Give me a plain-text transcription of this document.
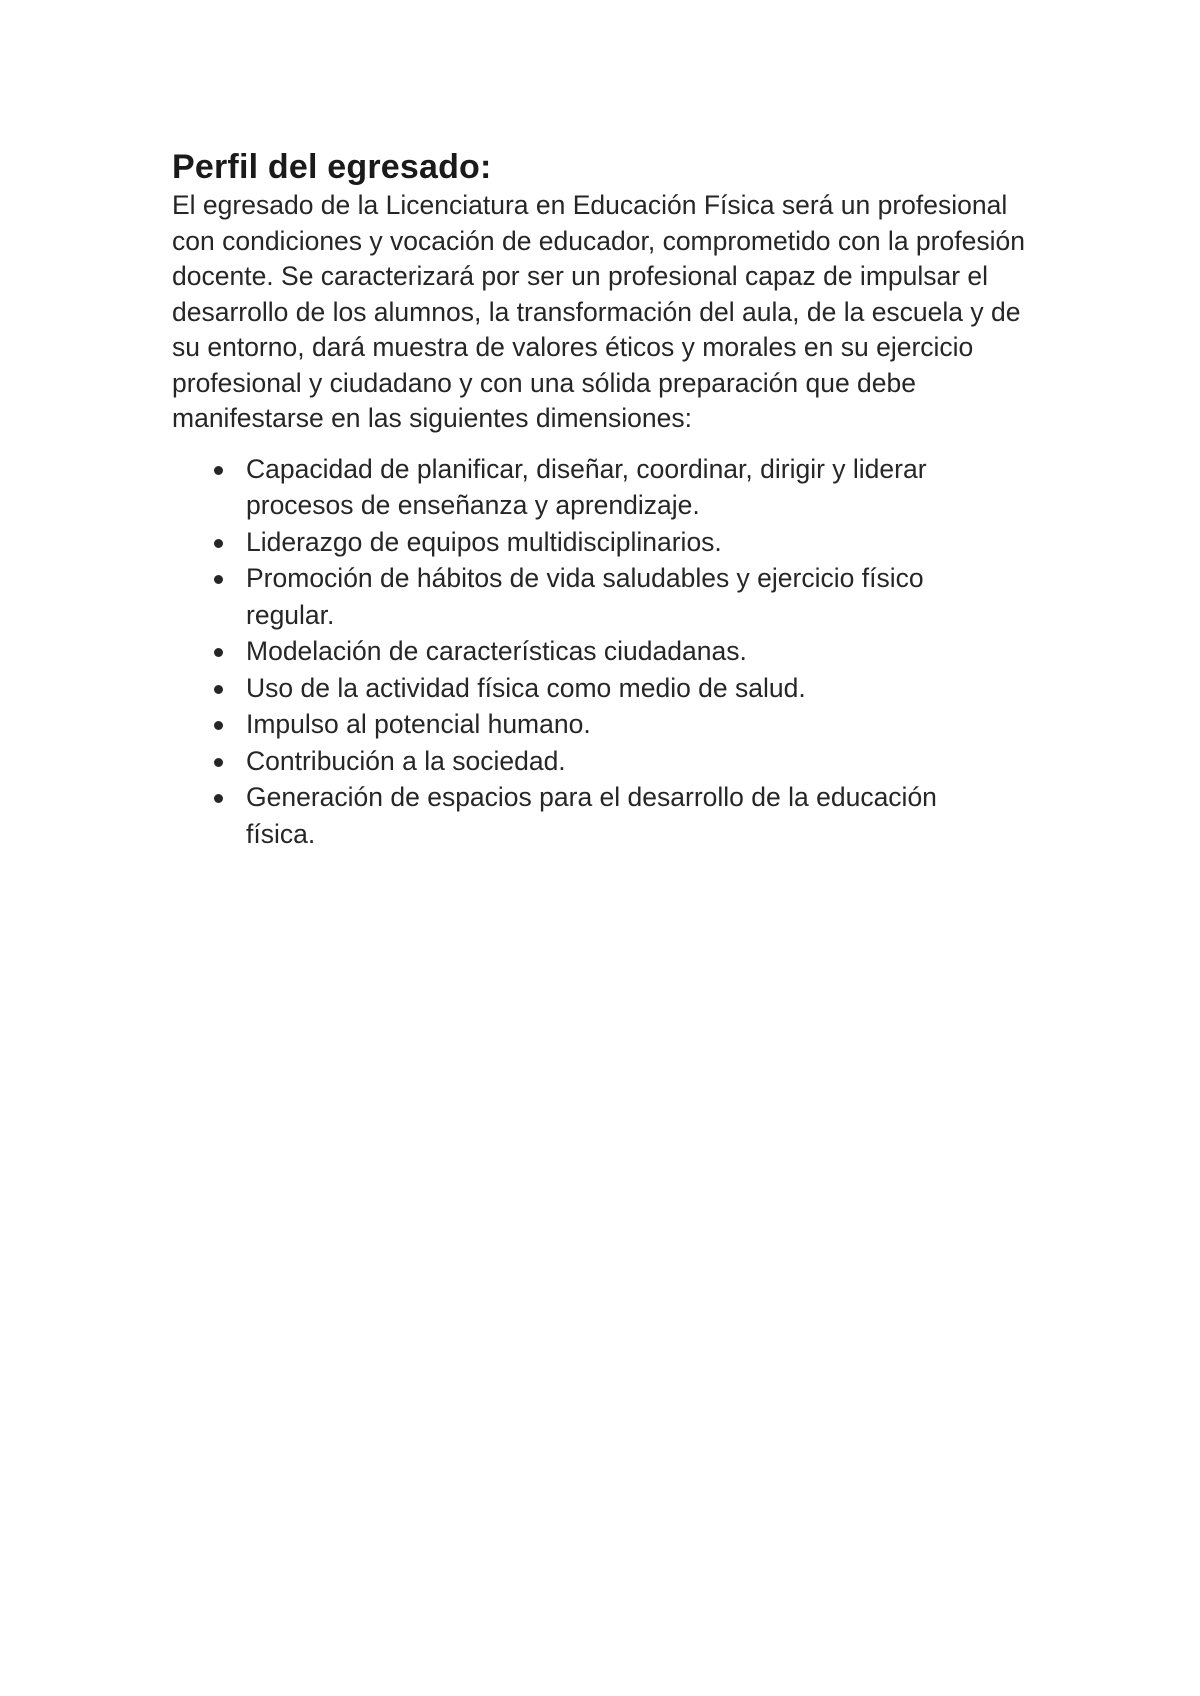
Perfil del egresado:

El egresado de la Licenciatura en Educación Física será un profesional con condiciones y vocación de educador, comprometido con la profesión docente. Se caracterizará por ser un profesional capaz de impulsar el desarrollo de los alumnos, la transformación del aula, de la escuela y de su entorno, dará muestra de valores éticos y morales en su ejercicio profesional y ciudadano y con una sólida preparación que debe manifestarse en las siguientes dimensiones:

Capacidad de planificar, diseñar, coordinar, dirigir y liderar procesos de enseñanza y aprendizaje.
Liderazgo de equipos multidisciplinarios.
Promoción de hábitos de vida saludables y ejercicio físico regular.
Modelación de características ciudadanas.
Uso de la actividad física como medio de salud.
Impulso al potencial humano.
Contribución a la sociedad.
Generación de espacios para el desarrollo de la educación física.
